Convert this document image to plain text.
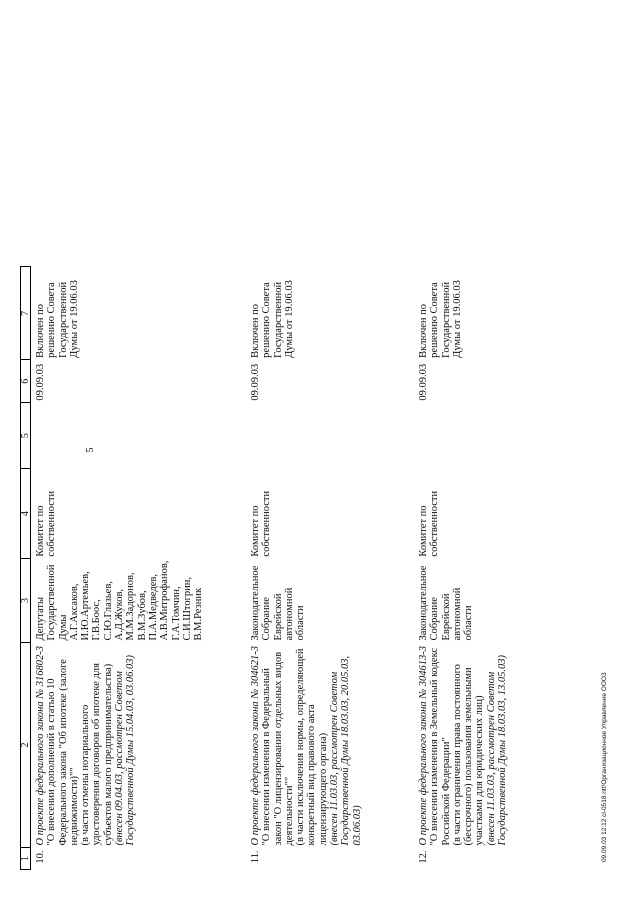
5
1	2	3	4	5	6	7
10.	О проекте федерального закона № 316802-3 "О внесении дополнений в статью 10 Федерального закона "Об ипотеке (залоге недвижимости)"" (в части отмены нотариального удостоверения договоров об ипотеке для субъектов малого предпринимательства) (внесен 09.04.03, рассмотрен Советом Государственной Думы 15.04.03, 03.06.03)	Депутаты Государственной Думы А.Г.Аксаков, И.Ю.Артемьев, Г.В.Боос, С.Ю.Глазьев, А.Д.Жуков, М.М.Задорнов, В.М.Зубов, П.А.Медведев, А.В.Митрофанов, Г.А.Томчин, С.И.Штогрин, В.М.Резник	Комитет по собственности		09.09.03	Включен по решению Совета Государственной Думы от 19.06.03
11.	О проекте федерального закона № 304621-3 "О внесении изменения в Федеральный закон "О лицензировании отдельных видов деятельности"" (в части исключения нормы, определяющей конкретный вид правового акта лицензирующего органа) (внесен 11.03.03, рассмотрен Советом Государственной Думы 18.03.03, 20.05.03, 03.06.03)	Законодательное Собрание Еврейской автономной области	Комитет по собственности		09.09.03	Включен по решению Совета Государственной Думы от 19.06.03
12.	О проекте федерального закона № 304613-3 "О внесении изменения в Земельный кодекс Российской Федерации" (в части ограничения права постоянного (бессрочного) пользования земельными участками для юридических лиц) (внесен 11.03.03, рассмотрен Советом Государственной Думы 18.03.03, 13.05.03)	Законодательное Собрание Еврейской автономной области	Комитет по собственности		09.09.03	Включен по решению Совета Государственной Думы от 19.06.03
09.09.03 12:12 cl-0518.ntf/Организационное Управление ООО3
